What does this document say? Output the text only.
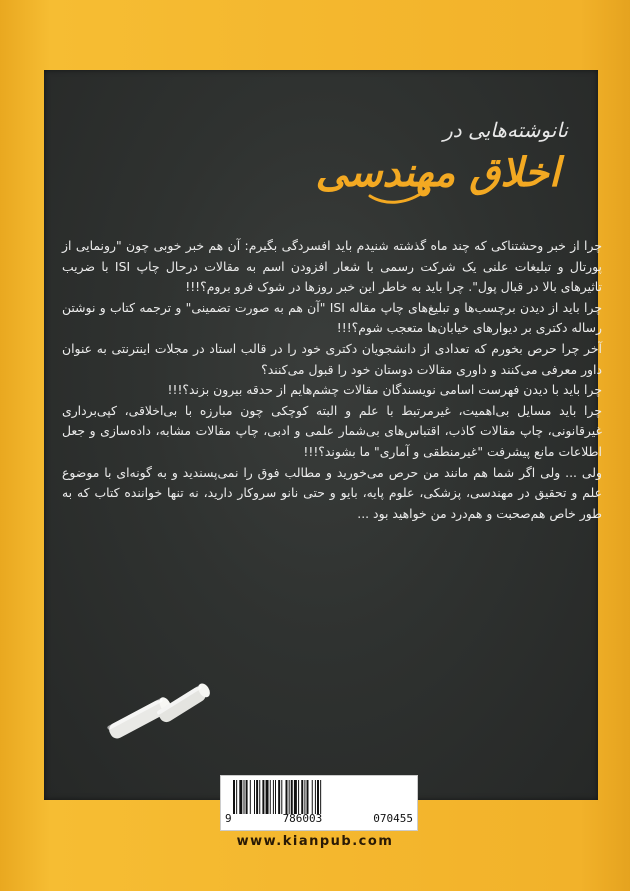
نانوشته‌هایی در
اخلاق مهندسی

چرا از خبر وحشتناکی که چند ماه گذشته شنیدم باید افسردگی بگیرم: آن هم خبر خوبی چون "رونمایی از پورتال و تبلیغات علنی یک شرکت رسمی با شعار افزودن اسم به مقالات درحال چاپ ISI با ضریب تاثیرهای بالا در قبال پول". چرا باید به خاطر این خبر روزها در شوک فرو بروم؟!!!

چرا باید از دیدن برچسب‌ها و تبلیغ‌های چاپ مقاله ISI "آن هم به صورت تضمینی" و ترجمه کتاب و نوشتن رساله دکتری بر دیوارهای خیابان‌ها متعجب شوم؟!!!

آخر چرا حرص بخورم که تعدادی از دانشجویان دکتری خود را در قالب استاد در مجلات اینترنتی به عنوان داور معرفی می‌کنند و داوری مقالات دوستان خود را قبول می‌کنند؟

چرا باید با دیدن فهرست اسامی نویسندگان مقالات چشم‌هایم از حدقه بیرون بزند؟!!!

چرا باید مسایل بی‌اهمیت، غیرمرتبط با علم و البته کوچکی چون مبارزه با بی‌اخلاقی، کپی‌برداری غیرقانونی، چاپ مقالات کاذب، اقتباس‌های بی‌شمار علمی و ادبی، چاپ مقالات مشابه، داده‌سازی و جعل اطلاعات مانع پیشرفت "غیرمنطقی و آماری" ما بشوند؟!!!

ولی ... ولی اگر شما هم مانند من حرص می‌خورید و مطالب فوق را نمی‌پسندید و به گونه‌ای با موضوع علم و تحقیق در مهندسی، پزشکی، علوم پایه، بایو و حتی نانو سروکار دارید، نه تنها خواننده کتاب که به طور خاص هم‌صحبت و هم‌درد من خواهید بود ...

9	786003	070455
www.kianpub.com
